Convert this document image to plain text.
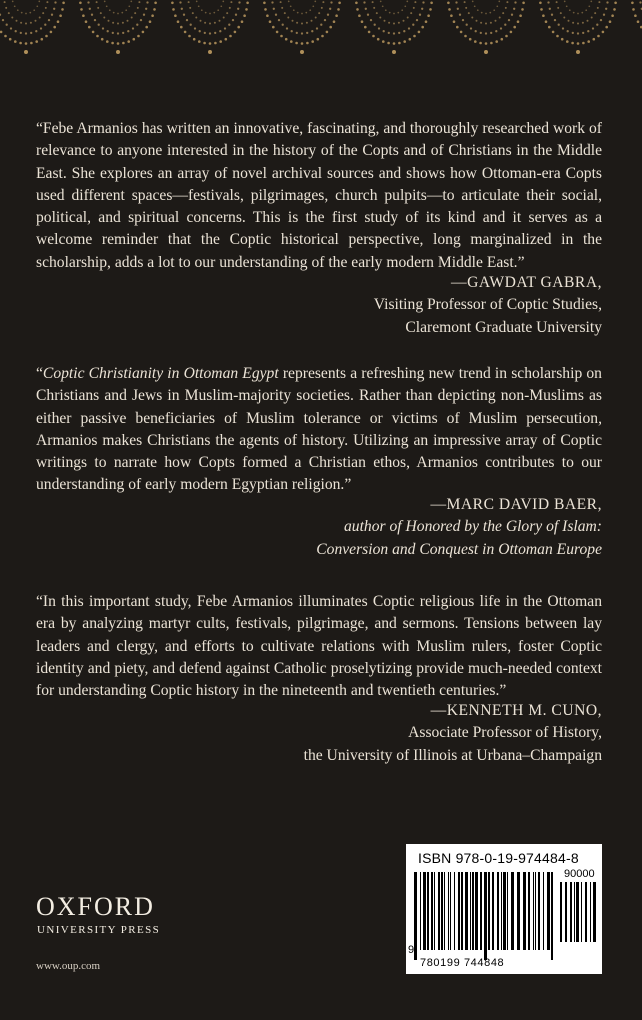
“Febe Armanios has written an innovative, fascinating, and thoroughly researched work of relevance to anyone interested in the history of the Copts and of Christians in the Middle East. She explores an array of novel archival sources and shows how Ottoman-era Copts used different spaces—festivals, pilgrimages, church pulpits—to articulate their social, political, and spiritual concerns. This is the first study of its kind and it serves as a welcome reminder that the Coptic historical perspective, long marginalized in the scholarship, adds a lot to our understanding of the early modern Middle East.”

—GAWDAT GABRA,
Visiting Professor of Coptic Studies,
Claremont Graduate University

“Coptic Christianity in Ottoman Egypt represents a refreshing new trend in scholarship on Christians and Jews in Muslim-majority societies. Rather than depicting non-Muslims as either passive beneficiaries of Muslim tolerance or victims of Muslim persecution, Armanios makes Christians the agents of history. Utilizing an impressive array of Coptic writings to narrate how Copts formed a Christian ethos, Armanios contributes to our understanding of early modern Egyptian religion.”

—MARC DAVID BAER,
author of Honored by the Glory of Islam:
Conversion and Conquest in Ottoman Europe

“In this important study, Febe Armanios illuminates Coptic religious life in the Ottoman era by analyzing martyr cults, festivals, pilgrimage, and sermons. Tensions between lay leaders and clergy, and efforts to cultivate relations with Muslim rulers, foster Coptic identity and piety, and defend against Catholic proselytizing provide much-needed context for understanding Coptic history in the nineteenth and twentieth centuries.”

—KENNETH M. CUNO,
Associate Professor of History,
the University of Illinois at Urbana–Champaign
ISBN 978-0-19-974484-8
90000
9
780199 744848
OXFORD
UNIVERSITY PRESS
www.oup.com
